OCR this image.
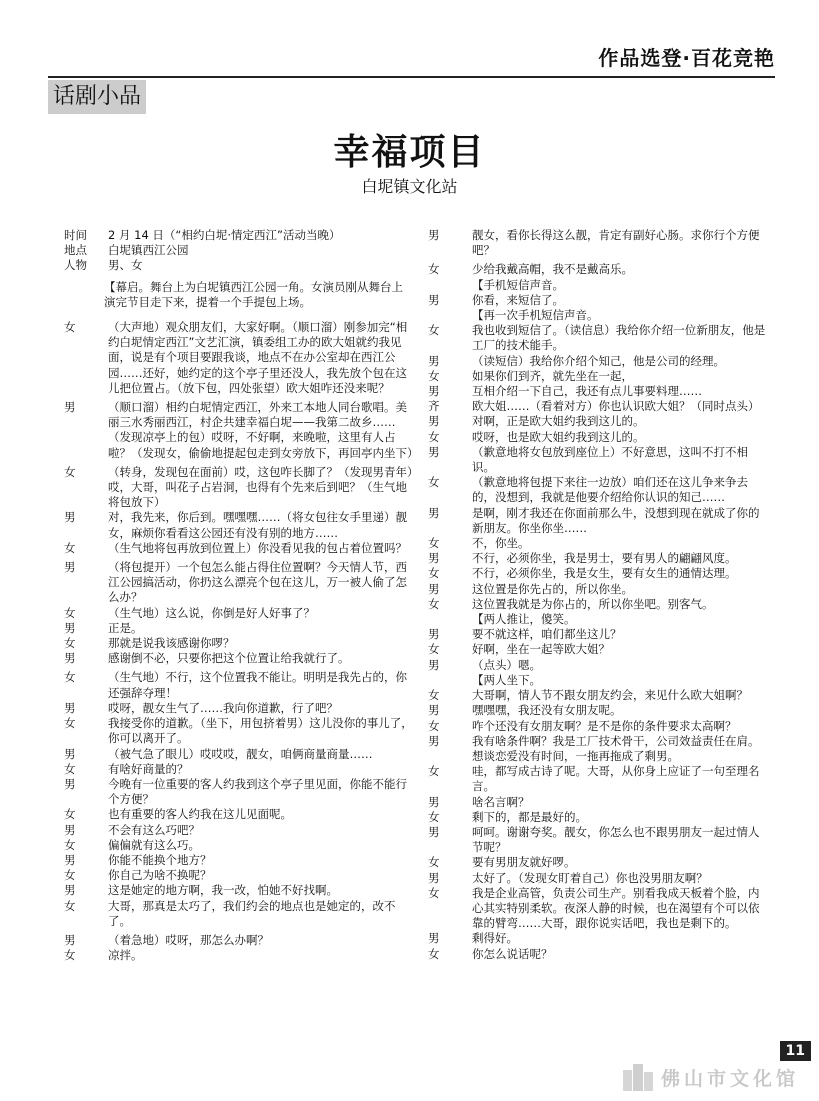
作品选登·百花竞艳
话剧小品
幸福项目
白坭镇文化站
时间	2 月 14 日（“相约白坭·情定西江”活动当晚）
地点	白坭镇西江公园
人物	男、女
【幕启。舞台上为白坭镇西江公园一角。女演员刚从舞台上演完节目走下来，提着一个手提包上场。
女	（大声地）观众朋友们，大家好啊。（顺口溜）刚参加完“相约白坭情定西江”文艺汇演，镇委组工办的欧大姐就约我见面，说是有个项目要跟我谈，地点不在办公室却在西江公园……还好，她约定的这个亭子里还没人，我先放个包在这儿把位置占。（放下包，四处张望）欧大姐咋还没来呢？
男	（顺口溜）相约白坭情定西江，外来工本地人同台歌唱。美丽三水秀丽西江，村企共建幸福白坭——我第二故乡……（发现凉亭上的包）哎呀，不好啊，来晚啦，这里有人占啦？（发现女，偷偷地提起包走到女旁放下，再回亭内坐下）
女	（转身，发现包在面前）哎，这包咋长脚了？（发现男青年）哎，大哥，叫花子占岩洞，也得有个先来后到吧？（生气地将包放下）
男	对，我先来，你后到。嘿嘿嘿……（将女包往女手里递）靓女，麻烦你看看这公园还有没有别的地方……
女	（生气地将包再放到位置上）你没看见我的包占着位置吗？
男	（将包提开）一个包怎么能占得住位置啊？今天情人节，西江公园搞活动，你扔这么漂亮个包在这儿，万一被人偷了怎么办？
女	（生气地）这么说，你倒是好人好事了？
男	正是。
女	那就是说我该感谢你啰？
男	感谢倒不必，只要你把这个位置让给我就行了。
女	（生气地）不行，这个位置我不能让。明明是我先占的，你还强辞夺理！
男	哎呀，靓女生气了……我向你道歉，行了吧？
女	我接受你的道歉。（坐下，用包挤着男）这儿没你的事儿了，你可以离开了。
男	（被气急了眼儿）哎哎哎，靓女，咱俩商量商量……
女	有啥好商量的？
男	今晚有一位重要的客人约我到这个亭子里见面，你能不能行个方便？
女	也有重要的客人约我在这儿见面呢。
男	不会有这么巧吧？
女	偏偏就有这么巧。
男	你能不能换个地方？
女	你自己为啥不换呢？
男	这是她定的地方啊，我一改，怕她不好找啊。
女	大哥，那真是太巧了，我们约会的地点也是她定的，改不了。
男	（着急地）哎呀，那怎么办啊？
女	凉拌。
男	靓女，看你长得这么靓，肯定有副好心肠。求你行个方便吧？
女	少给我戴高帽，我不是戴高乐。
【手机短信声音。
男	你看，来短信了。
【再一次手机短信声音。
女	我也收到短信了。（读信息）我给你介绍一位新朋友，他是工厂的技术能手。
男	（读短信）我给你介绍个知己，他是公司的经理。
女	如果你们到齐，就先坐在一起，
男	互相介绍一下自己，我还有点儿事要料理……
齐	欧大姐……（看着对方）你也认识欧大姐？（同时点头）
男	对啊，正是欧大姐约我到这儿的。
女	哎呀，也是欧大姐约我到这儿的。
男	（歉意地将女包放到座位上）不好意思，这叫不打不相识。
女	（歉意地将包提下来往一边放）咱们还在这儿争来争去的，没想到，我就是他要介绍给你认识的知己……
男	是啊，刚才我还在你面前那么牛，没想到现在就成了你的新朋友。你坐你坐……
女	不，你坐。
男	不行，必须你坐，我是男士，要有男人的翩翩风度。
女	不行，必须你坐，我是女生，要有女生的通情达理。
男	这位置是你先占的，所以你坐。
女	这位置我就是为你占的，所以你坐吧。别客气。
【两人推让，傻笑。
男	要不就这样，咱们都坐这儿？
女	好啊，坐在一起等欧大姐？
男	（点头）嗯。
【两人坐下。
女	大哥啊，情人节不跟女朋友约会，来见什么欧大姐啊？
男	嘿嘿嘿，我还没有女朋友呢。
女	咋个还没有女朋友啊？是不是你的条件要求太高啊？
男	我有啥条件啊？我是工厂技术骨干，公司效益责任在肩。想谈恋爱没有时间，一拖再拖成了剩男。
女	哇，都写成古诗了呢。大哥，从你身上应证了一句至理名言。
男	啥名言啊？
女	剩下的，都是最好的。
男	呵呵。谢谢夸奖。靓女，你怎么也不跟男朋友一起过情人节呢？
女	要有男朋友就好啰。
男	太好了。（发现女盯着自己）你也没男朋友啊？
女	我是企业高管，负责公司生产。别看我成天板着个脸，内心其实特别柔软。夜深人静的时候，也在渴望有个可以依靠的臂弯……大哥，跟你说实话吧，我也是剩下的。
男	剩得好。
女	你怎么说话呢？
11
佛山市文化馆
